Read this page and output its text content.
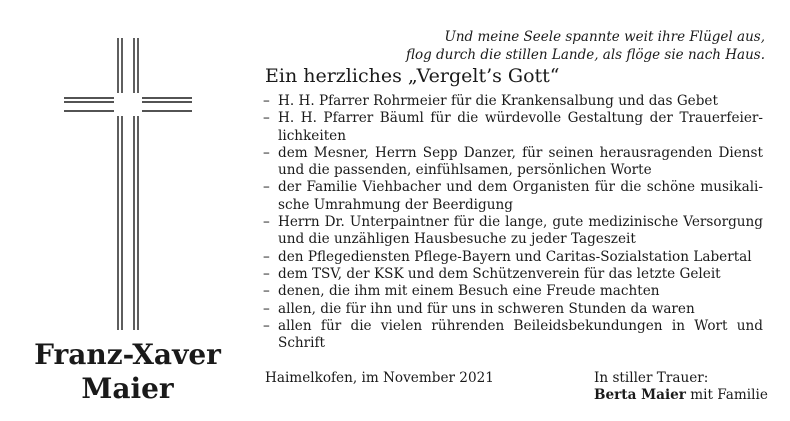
Und meine Seele spannte weit ihre Flügel aus,
flog durch die stillen Lande, als flöge sie nach Haus.
Franz-Xaver
Maier
Ein herzliches „Vergelt’s Gott“
– H. H. Pfarrer Rohrmeier für die Krankensalbung und das Gebet
– H. H. Pfarrer Bäuml für die würdevolle Gestaltung der Trauerfeierlichkeiten
– dem Mesner, Herrn Sepp Danzer, für seinen herausragenden Dienst und die passenden, einfühlsamen, persönlichen Worte
– der Familie Viehbacher und dem Organisten für die schöne musikalische Umrahmung der Beerdigung
– Herrn Dr. Unterpaintner für die lange, gute medizinische Versorgung und die unzähligen Hausbesuche zu jeder Tageszeit
– den Pflegediensten Pflege-Bayern und Caritas-Sozialstation Labertal
– dem TSV, der KSK und dem Schützenverein für das letzte Geleit
– denen, die ihm mit einem Besuch eine Freude machten
– allen, die für ihn und für uns in schweren Stunden da waren
– allen für die vielen rührenden Beileidsbekundungen in Wort und Schrift
Haimelkofen, im November 2021	In stiller Trauer:
Berta Maier mit Familie
